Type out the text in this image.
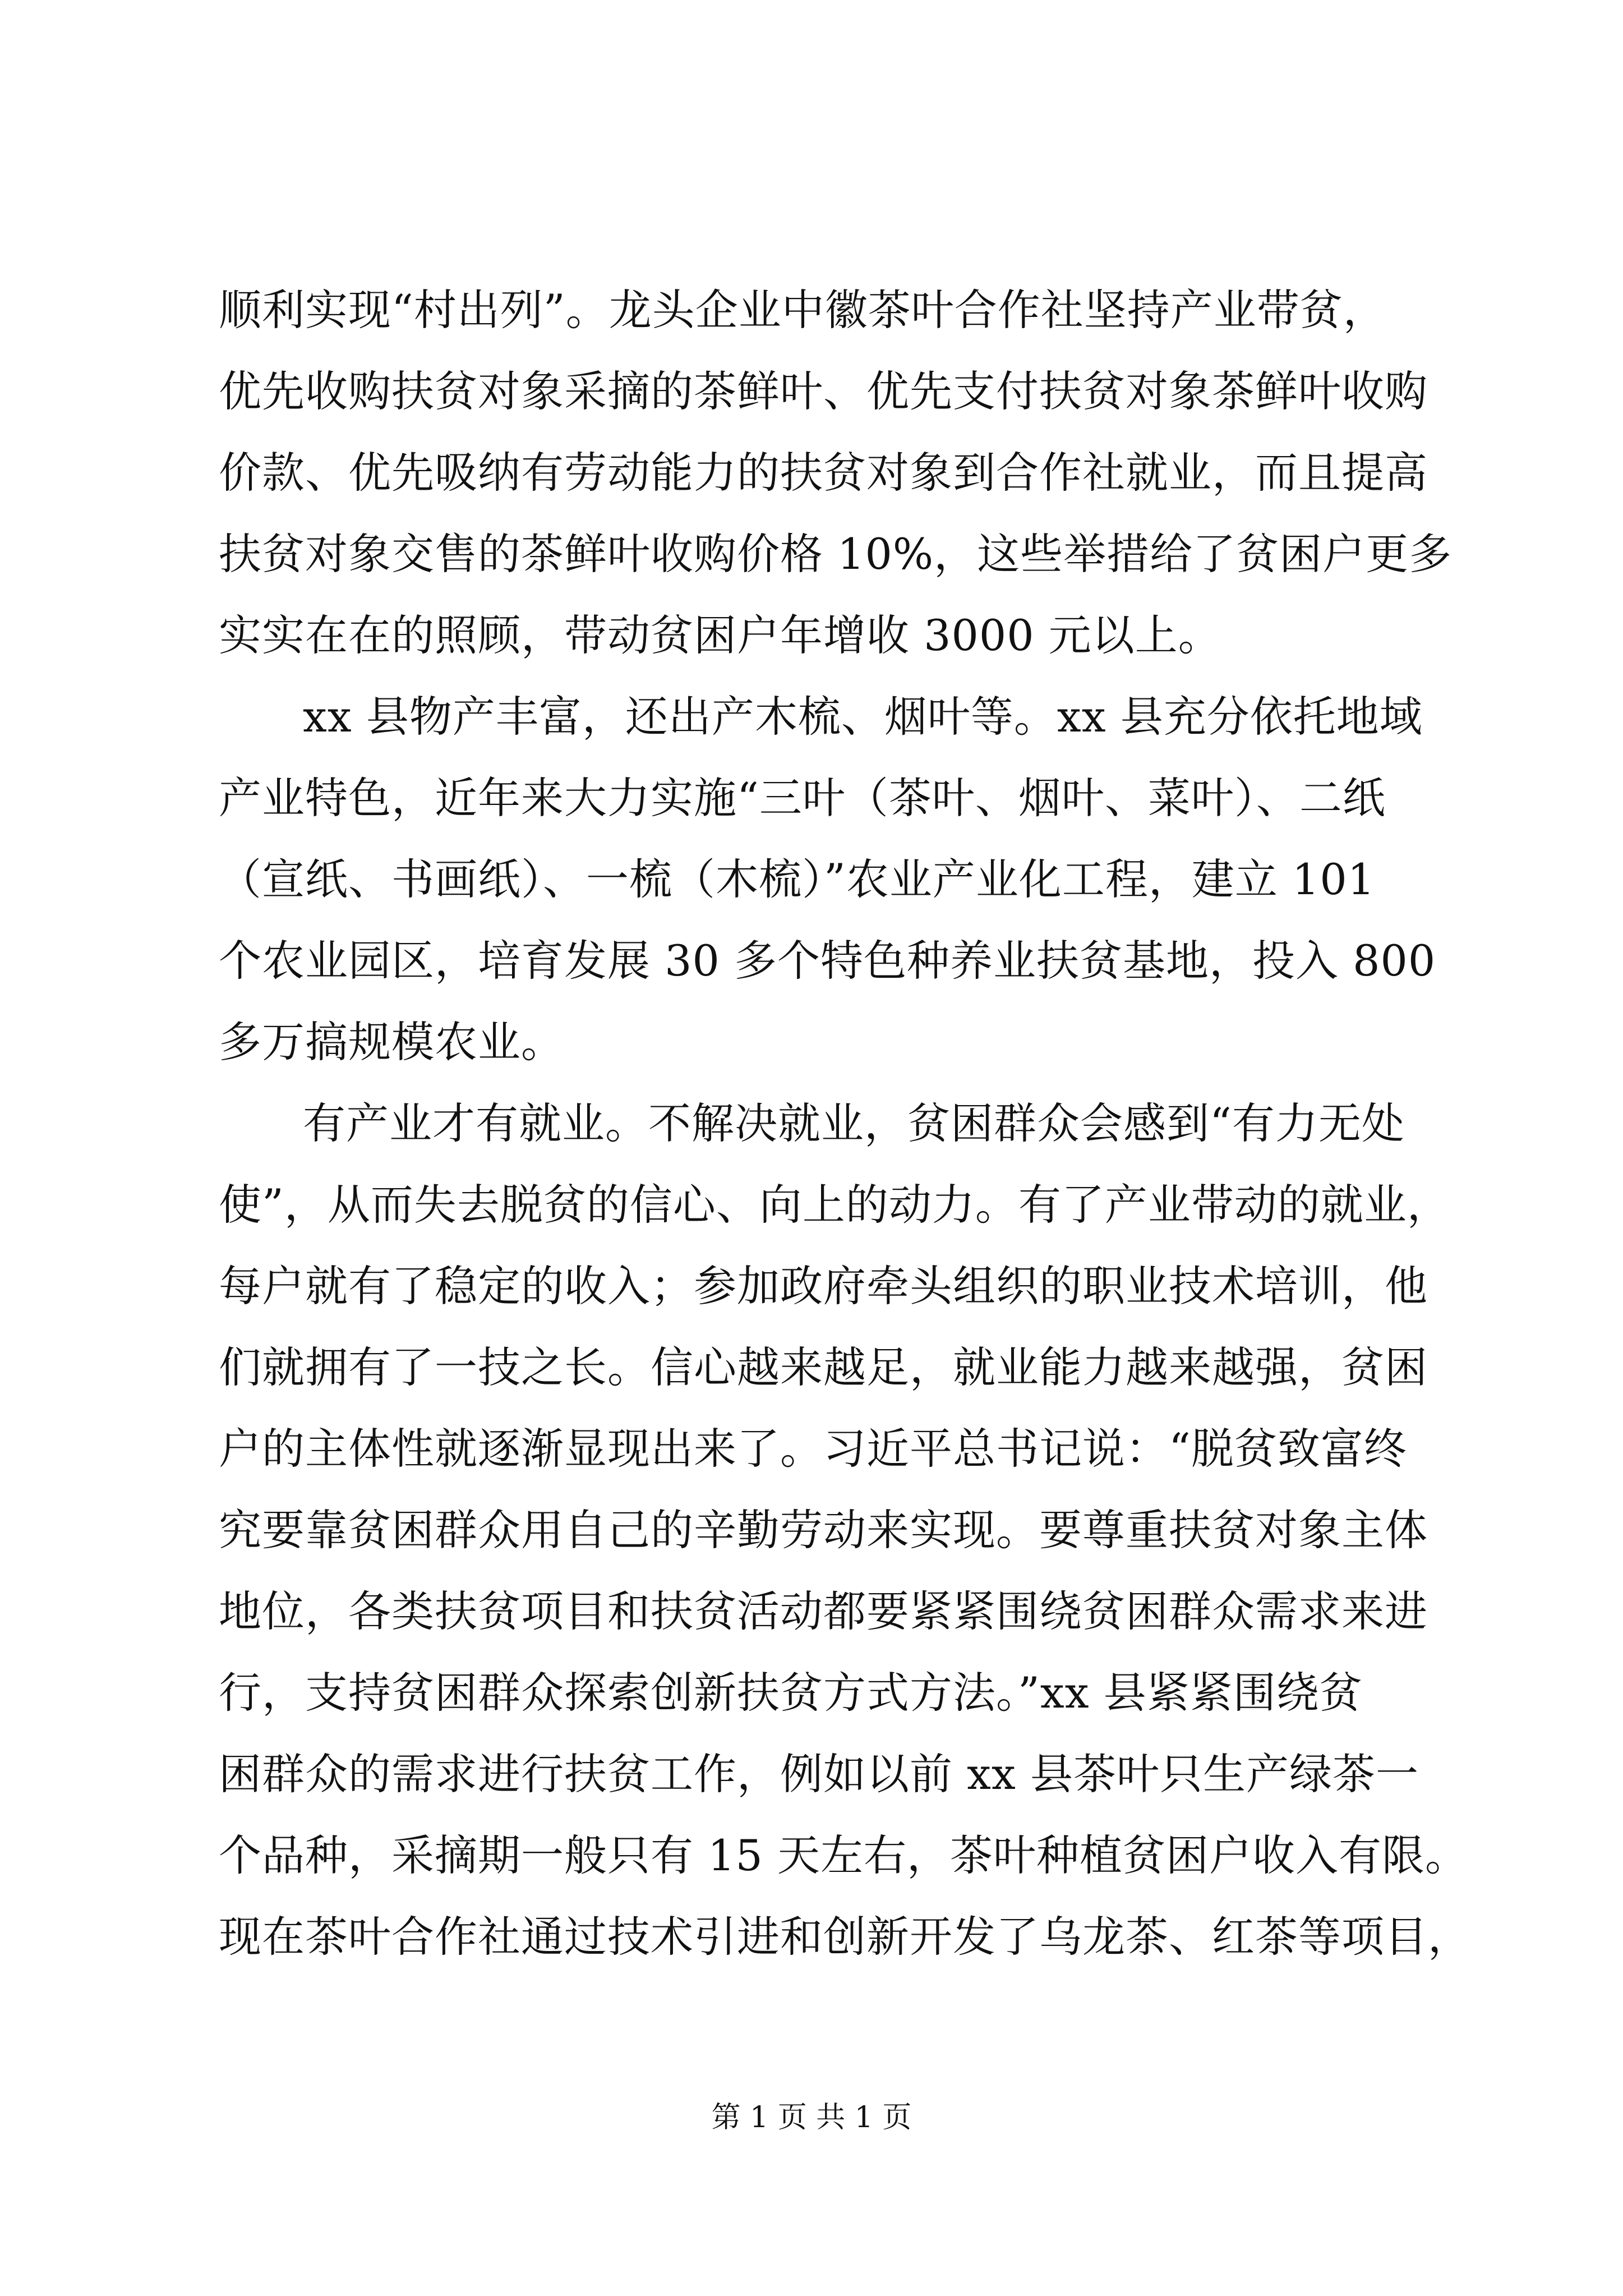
顺利实现“村出列”。龙头企业中徽茶叶合作社坚持产业带贫，
优先收购扶贫对象采摘的茶鲜叶、优先支付扶贫对象茶鲜叶收购
价款、优先吸纳有劳动能力的扶贫对象到合作社就业，而且提高
扶贫对象交售的茶鲜叶收购价格 10%，这些举措给了贫困户更多
实实在在的照顾，带动贫困户年增收 3000 元以上。
xx 县物产丰富，还出产木梳、烟叶等。xx 县充分依托地域
产业特色，近年来大力实施“三叶（茶叶、烟叶、菜叶）、二纸
（宣纸、书画纸）、一梳（木梳）”农业产业化工程，建立 101
个农业园区，培育发展 30 多个特色种养业扶贫基地，投入 800
多万搞规模农业。
有产业才有就业。不解决就业，贫困群众会感到“有力无处
使”，从而失去脱贫的信心、向上的动力。有了产业带动的就业，
每户就有了稳定的收入；参加政府牵头组织的职业技术培训，他
们就拥有了一技之长。信心越来越足，就业能力越来越强，贫困
户的主体性就逐渐显现出来了。习近平总书记说：“脱贫致富终
究要靠贫困群众用自己的辛勤劳动来实现。要尊重扶贫对象主体
地位，各类扶贫项目和扶贫活动都要紧紧围绕贫困群众需求来进
行，支持贫困群众探索创新扶贫方式方法。”xx 县紧紧围绕贫
困群众的需求进行扶贫工作，例如以前 xx 县茶叶只生产绿茶一
个品种，采摘期一般只有 15 天左右，茶叶种植贫困户收入有限。
现在茶叶合作社通过技术引进和创新开发了乌龙茶、红茶等项目，
第 1 页 共 1 页
